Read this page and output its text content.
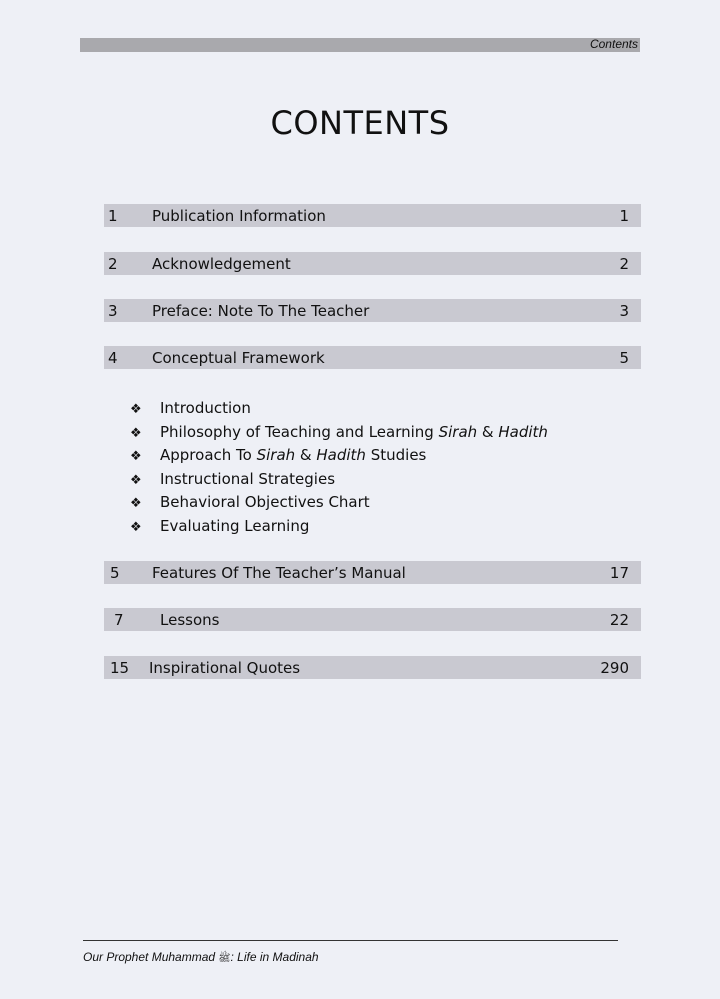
Contents
CONTENTS
1 Publication Information	1
2 Acknowledgement	2
3 Preface: Note To The Teacher	3
4 Conceptual Framework	5
❖ Introduction
❖ Philosophy of Teaching and Learning Sirah & Hadith
❖ Approach To Sirah & Hadith Studies
❖ Instructional Strategies
❖ Behavioral Objectives Chart
❖ Evaluating Learning
5 Features Of The Teacher’s Manual	17
7 Lessons	22
15 Inspirational Quotes	290
Our Prophet Muhammad ﷺ: Life in Madinah
